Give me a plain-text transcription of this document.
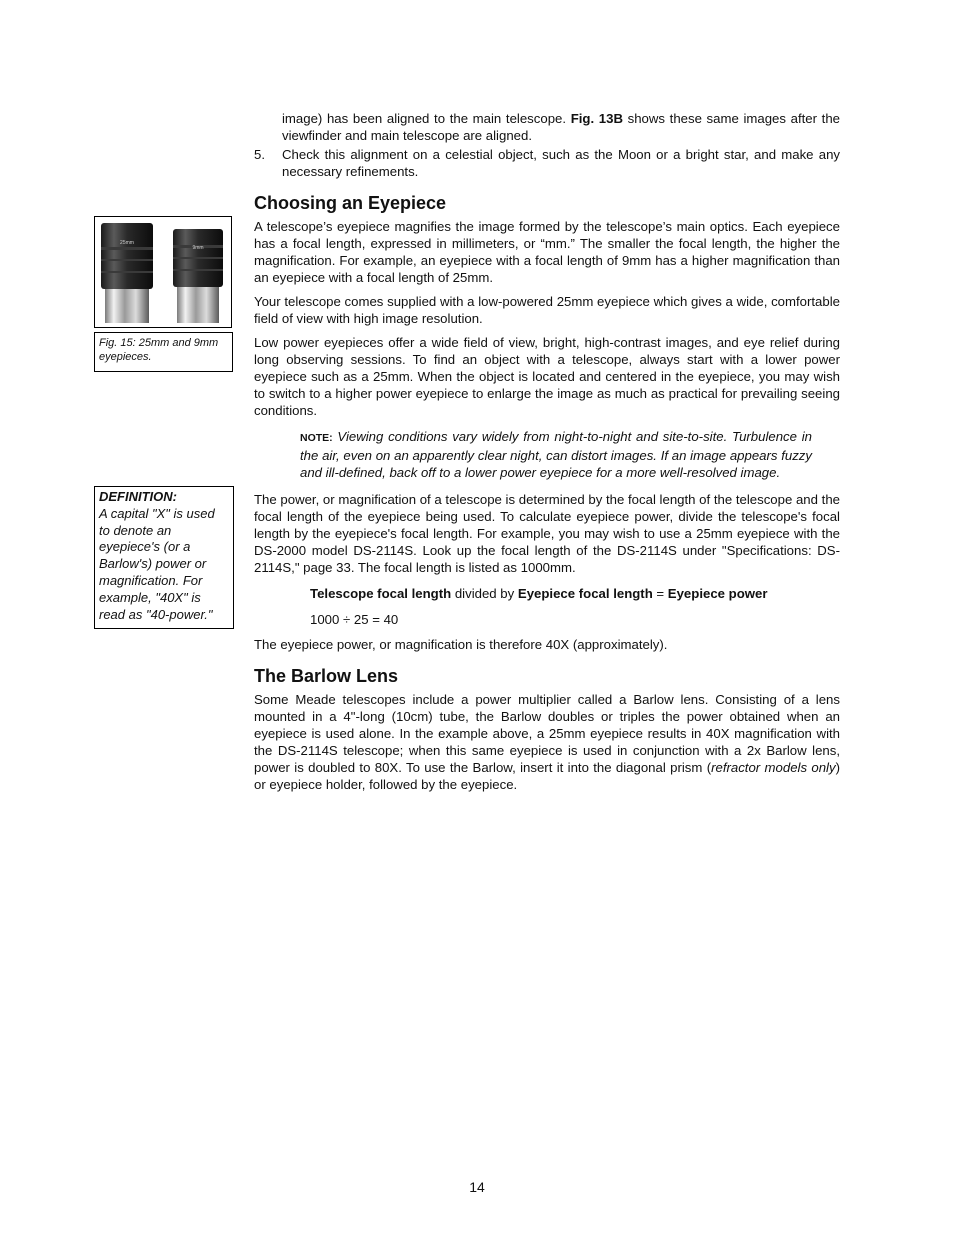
image) has been aligned to the main telescope. Fig. 13B shows these same images after the viewfinder and main telescope are aligned.

5. Check this alignment on a celestial object, such as the Moon or a bright star, and make any necessary refinements.

Choosing an Eyepiece

A telescope’s eyepiece magnifies the image formed by the telescope’s main optics. Each eyepiece has a focal length, expressed in millimeters, or “mm.” The smaller the focal length, the higher the magnification. For example, an eyepiece with a focal length of 9mm has a higher magnification than an eyepiece with a focal length of 25mm.

Your telescope comes supplied with a low-powered 25mm eyepiece which gives a wide, comfortable field of view with high image resolution.

Low power eyepieces offer a wide field of view, bright, high-contrast images, and eye relief during long observing sessions. To find an object with a telescope, always start with a lower power eyepiece such as a 25mm. When the object is located and centered in the eyepiece, you may wish to switch to a higher power eyepiece to enlarge the image as much as practical for prevailing seeing conditions.

NOTE: Viewing conditions vary widely from night-to-night and site-to-site. Turbulence in the air, even on an apparently clear night, can distort images. If an image appears fuzzy and ill-defined, back off to a lower power eyepiece for a more well-resolved image.

The power, or magnification of a telescope is determined by the focal length of the telescope and the focal length of the eyepiece being used. To calculate eyepiece power, divide the telescope's focal length by the eyepiece's focal length. For example, you may wish to use a 25mm eyepiece with the DS-2000 model DS-2114S. Look up the focal length of the DS-2114S under "Specifications: DS-2114S," page 33. The focal length is listed as 1000mm.

Telescope focal length divided by Eyepiece focal length = Eyepiece power

1000 ÷ 25 = 40

The eyepiece power, or magnification is therefore 40X (approximately).

The Barlow Lens

Some Meade telescopes include a power multiplier called a Barlow lens. Consisting of a lens mounted in a 4"-long (10cm) tube, the Barlow doubles or triples the power obtained when an eyepiece is used alone. In the example above, a 25mm eyepiece results in 40X magnification with the DS-2114S telescope; when this same eyepiece is used in conjunction with a 2x Barlow lens, power is doubled to 80X. To use the Barlow, insert it into the diagonal prism (refractor models only) or eyepiece holder, followed by the eyepiece.

25mm
9mm
Fig. 15: 25mm and 9mm eyepieces.
DEFINITION:
A capital "X" is used to denote an eyepiece's (or a Barlow's) power or magnification. For example, "40X" is read as "40-power."
14
